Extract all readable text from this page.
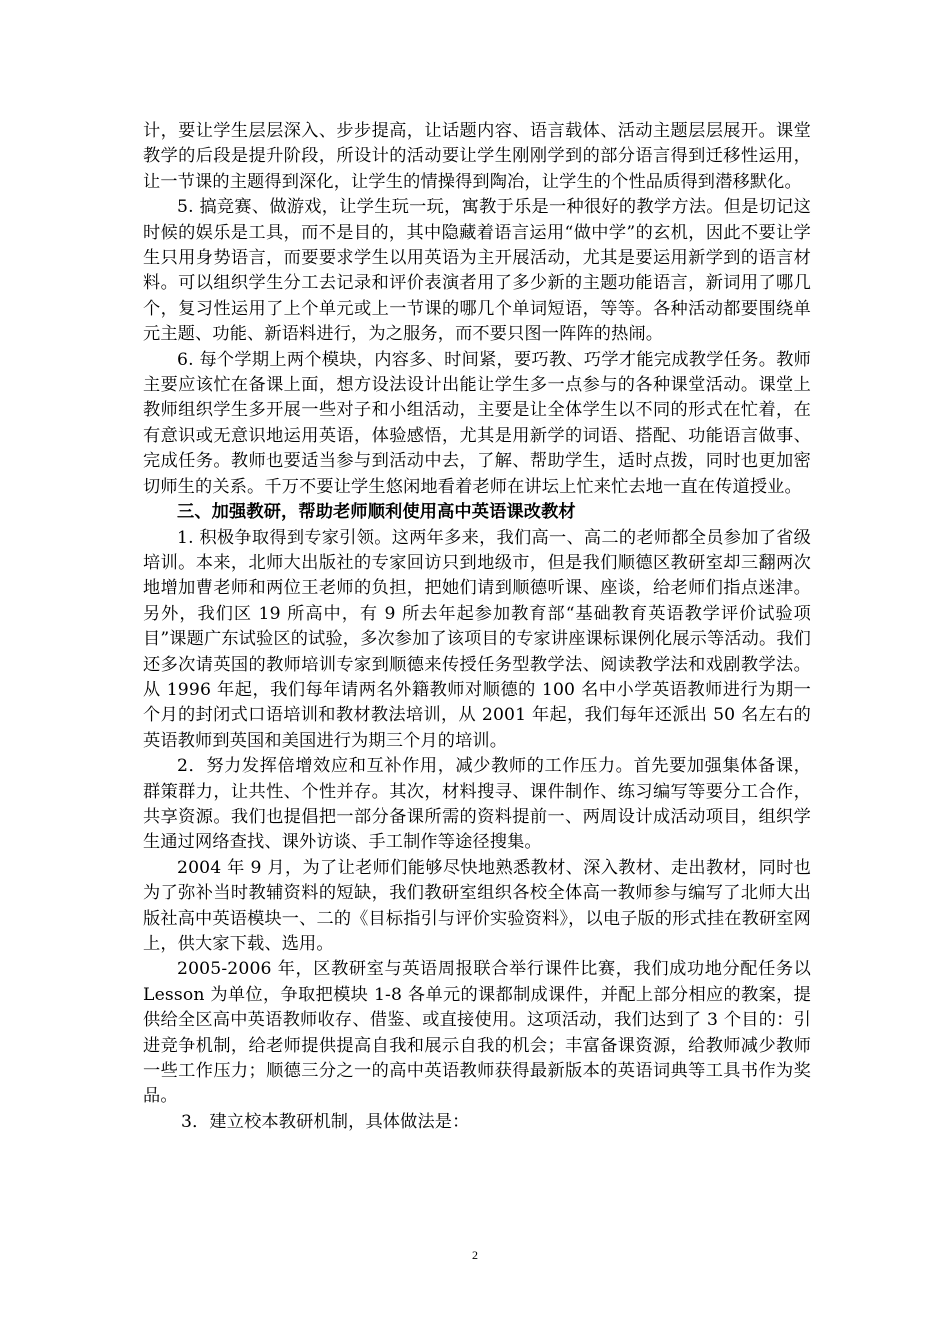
计，要让学生层层深入、步步提高，让话题内容、语言载体、活动主题层层展开。课堂教学的后段是提升阶段，所设计的活动要让学生刚刚学到的部分语言得到迁移性运用，让一节课的主题得到深化，让学生的情操得到陶冶，让学生的个性品质得到潜移默化。

5. 搞竞赛、做游戏，让学生玩一玩，寓教于乐是一种很好的教学方法。但是切记这时候的娱乐是工具，而不是目的，其中隐藏着语言运用“做中学”的玄机，因此不要让学生只用身势语言，而要要求学生以用英语为主开展活动，尤其是要运用新学到的语言材料。可以组织学生分工去记录和评价表演者用了多少新的主题功能语言，新词用了哪几个，复习性运用了上个单元或上一节课的哪几个单词短语，等等。各种活动都要围绕单元主题、功能、新语料进行，为之服务，而不要只图一阵阵的热闹。

6. 每个学期上两个模块，内容多、时间紧，要巧教、巧学才能完成教学任务。教师主要应该忙在备课上面，想方设法设计出能让学生多一点参与的各种课堂活动。课堂上教师组织学生多开展一些对子和小组活动，主要是让全体学生以不同的形式在忙着，在有意识或无意识地运用英语，体验感悟，尤其是用新学的词语、搭配、功能语言做事、完成任务。教师也要适当参与到活动中去，了解、帮助学生，适时点拨，同时也更加密切师生的关系。千万不要让学生悠闲地看着老师在讲坛上忙来忙去地一直在传道授业。

三、加强教研，帮助老师顺利使用高中英语课改教材

1. 积极争取得到专家引领。这两年多来，我们高一、高二的老师都全员参加了省级培训。本来，北师大出版社的专家回访只到地级市，但是我们顺德区教研室却三翻两次地增加曹老师和两位王老师的负担，把她们请到顺德听课、座谈，给老师们指点迷津。另外，我们区 19 所高中，有 9 所去年起参加教育部“基础教育英语教学评价试验项目”课题广东试验区的试验，多次参加了该项目的专家讲座课标课例化展示等活动。我们还多次请英国的教师培训专家到顺德来传授任务型教学法、阅读教学法和戏剧教学法。从 1996 年起，我们每年请两名外籍教师对顺德的 100 名中小学英语教师进行为期一个月的封闭式口语培训和教材教法培训，从 2001 年起，我们每年还派出 50 名左右的英语教师到英国和美国进行为期三个月的培训。

2．努力发挥倍增效应和互补作用，减少教师的工作压力。首先要加强集体备课，群策群力，让共性、个性并存。其次，材料搜寻、课件制作、练习编写等要分工合作，共享资源。我们也提倡把一部分备课所需的资料提前一、两周设计成活动项目，组织学生通过网络查找、课外访谈、手工制作等途径搜集。

2004 年 9 月，为了让老师们能够尽快地熟悉教材、深入教材、走出教材，同时也为了弥补当时教辅资料的短缺，我们教研室组织各校全体高一教师参与编写了北师大出版社高中英语模块一、二的《目标指引与评价实验资料》，以电子版的形式挂在教研室网上，供大家下载、选用。

2005-2006 年，区教研室与英语周报联合举行课件比赛，我们成功地分配任务以 Lesson 为单位，争取把模块 1-8 各单元的课都制成课件，并配上部分相应的教案，提供给全区高中英语教师收存、借鉴、或直接使用。这项活动，我们达到了 3 个目的：引进竞争机制，给老师提供提高自我和展示自我的机会；丰富备课资源，给教师减少教师一些工作压力；顺德三分之一的高中英语教师获得最新版本的英语词典等工具书作为奖品。

3．建立校本教研机制，具体做法是：

2
